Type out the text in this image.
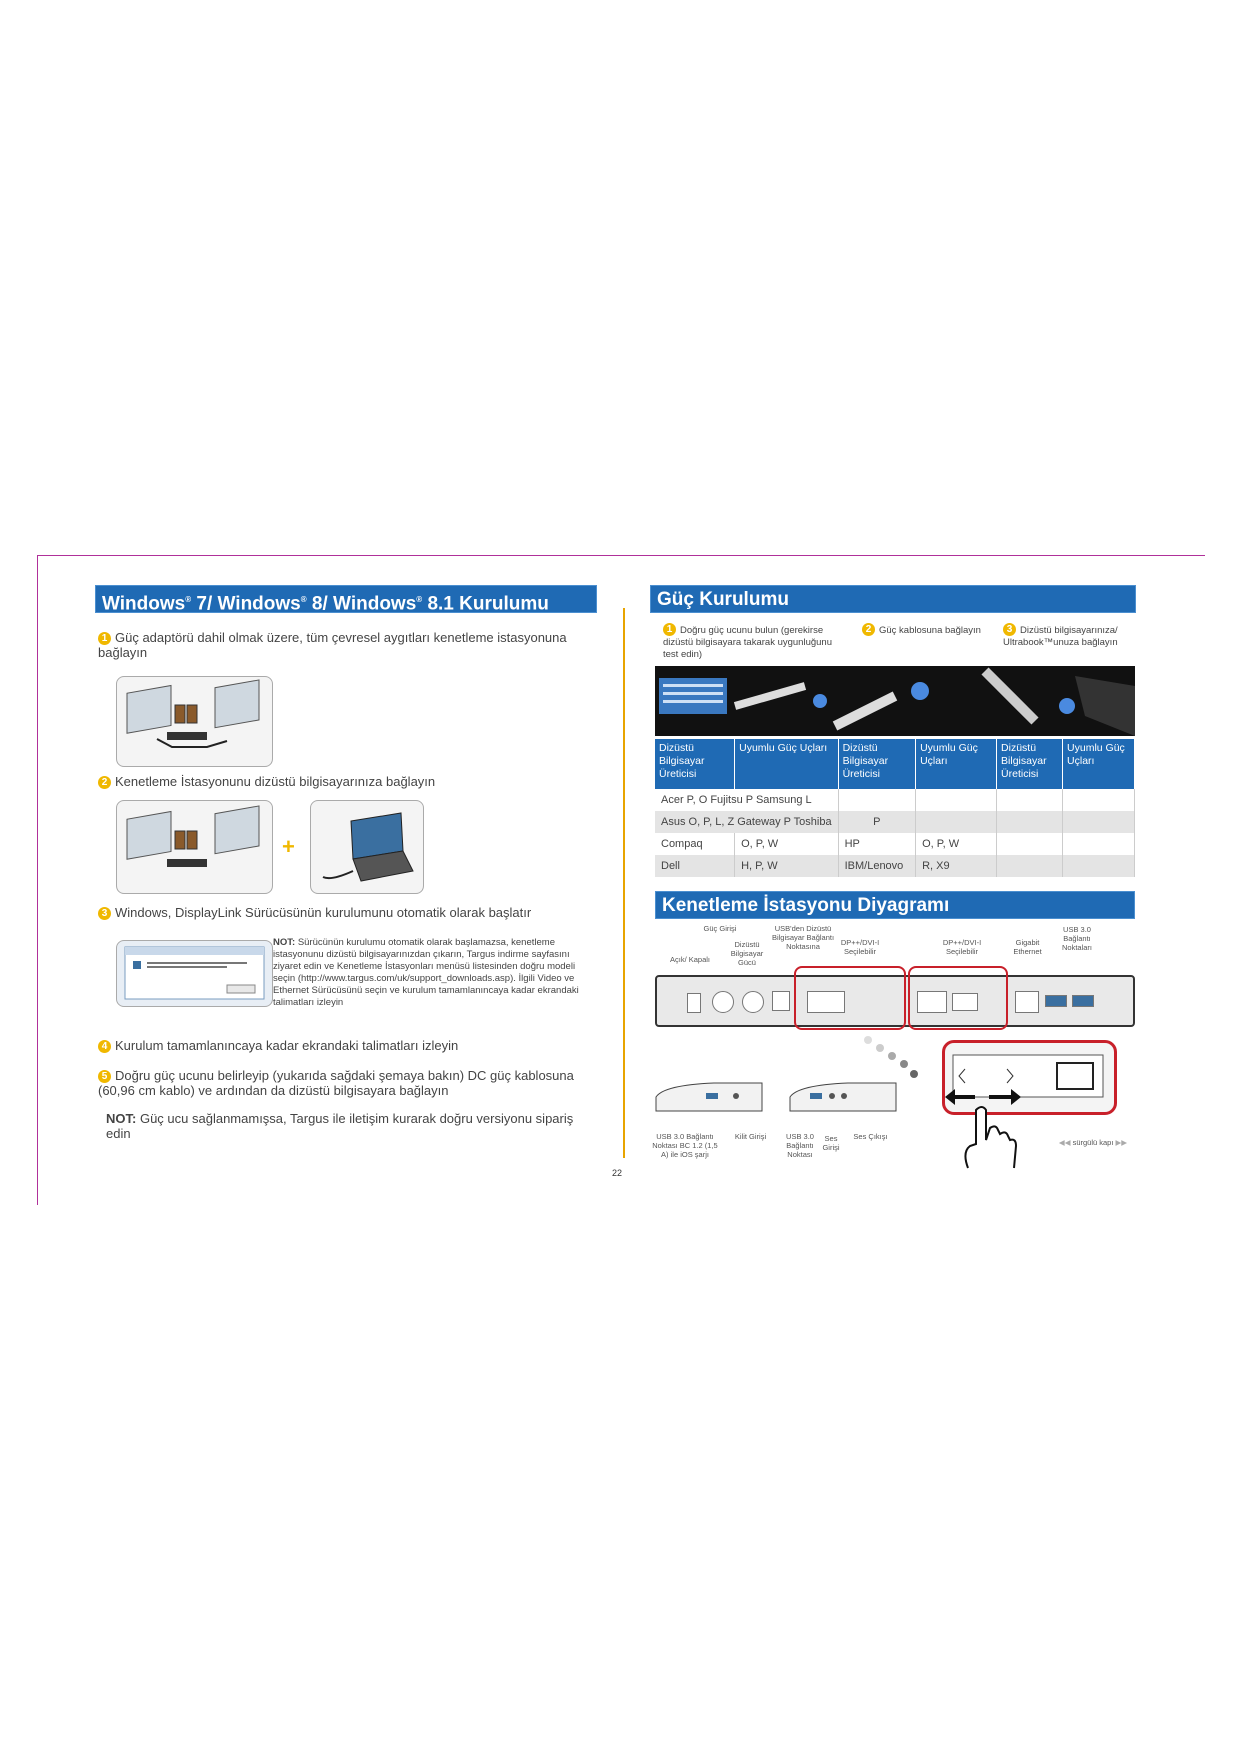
Windows® 7/ Windows® 8/ Windows® 8.1 Kurulumu
1 Güç adaptörü dahil olmak üzere, tüm çevresel aygıtları kenetleme istasyonuna bağlayın
2 Kenetleme İstasyonunu dizüstü bilgisayarınıza bağlayın
+
3 Windows, DisplayLink Sürücüsünün kurulumunu otomatik olarak başlatır
NOT: Sürücünün kurulumu otomatik olarak başlamazsa, kenetleme istasyonunu dizüstü bilgisayarınızdan çıkarın, Targus indirme sayfasını ziyaret edin ve Kenetleme İstasyonları menüsü listesinden doğru modeli seçin (http://www.targus.com/uk/support_downloads.asp). İlgili Video ve Ethernet Sürücüsünü seçin ve kurulum tamamlanıncaya kadar ekrandaki talimatları izleyin
4 Kurulum tamamlanıncaya kadar ekrandaki talimatları izleyin
5 Doğru güç ucunu belirleyip (yukarıda sağdaki şemaya bakın) DC güç kablosuna (60,96 cm kablo) ve ardından da dizüstü bilgisayara bağlayın
NOT: Güç ucu sağlanmamışsa, Targus ile iletişim kurarak doğru versiyonu sipariş edin
22
Güç Kurulumu
1 Doğru güç ucunu bulun (gerekirse dizüstü bilgisayara takarak uygunluğunu test edin)
2 Güç kablosuna bağlayın	3 Dizüstü bilgisayarınıza/ Ultrabook™unuza bağlayın
Dizüstü Bilgisayar Üreticisi	Uyumlu Güç Uçları	Dizüstü Bilgisayar Üreticisi	Uyumlu Güç Uçları	Dizüstü Bilgisayar Üreticisi	Uyumlu Güç Uçları
Acer P, O Fujitsu P Samsung L					
Asus O, P, L, Z Gateway P Toshiba		P			
Compaq	O, P, W	HP	O, P, W		
Dell	H, P, W	IBM/Lenovo	R, X9		
Kenetleme İstasyonu Diyagramı
Güç Girişi	USB'den Dizüstü Bilgisayar Bağlantı Noktasına
Dizüstü Bilgisayar Gücü
Açık/ Kapalı
DP++/DVI-I Seçilebilir
DP++/DVI-I Seçilebilir
Gigabit Ethernet
USB 3.0 Bağlantı Noktaları
USB 3.0 Bağlantı Noktası BC 1.2 (1,5 A) ile iOS şarjı
Kilit Girişi	USB 3.0 Bağlantı Noktası
Ses Girişi
Ses Çıkışı
◀◀ sürgülü kapı ▶▶
